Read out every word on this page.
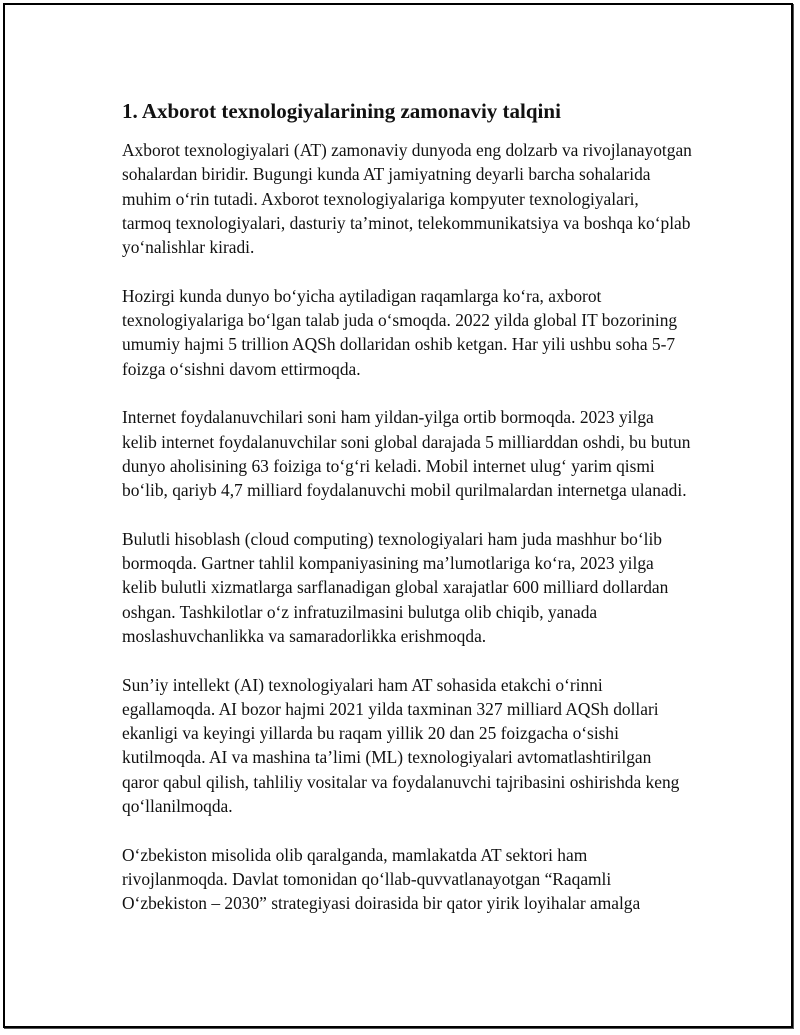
1. Axborot texnologiyalarining zamonaviy talqini

Axborot texnologiyalari (AT) zamonaviy dunyoda eng dolzarb va rivojlanayotgan sohalardan biridir. Bugungi kunda AT jamiyatning deyarli barcha sohalarida muhim o‘rin tutadi. Axborot texnologiyalariga kompyuter texnologiyalari, tarmoq texnologiyalari, dasturiy ta’minot, telekommunikatsiya va boshqa ko‘plab yo‘nalishlar kiradi.

Hozirgi kunda dunyo bo‘yicha aytiladigan raqamlarga ko‘ra, axborot texnologiyalariga bo‘lgan talab juda o‘smoqda. 2022 yilda global IT bozorining umumiy hajmi 5 trillion AQSh dollaridan oshib ketgan. Har yili ushbu soha 5-7 foizga o‘sishni davom ettirmoqda.

Internet foydalanuvchilari soni ham yildan-yilga ortib bormoqda. 2023 yilga kelib internet foydalanuvchilar soni global darajada 5 milliarddan oshdi, bu butun dunyo aholisining 63 foiziga to‘g‘ri keladi. Mobil internet ulug‘ yarim qismi bo‘lib, qariyb 4,7 milliard foydalanuvchi mobil qurilmalardan internetga ulanadi.

Bulutli hisoblash (cloud computing) texnologiyalari ham juda mashhur bo‘lib bormoqda. Gartner tahlil kompaniyasining ma’lumotlariga ko‘ra, 2023 yilga kelib bulutli xizmatlarga sarflanadigan global xarajatlar 600 milliard dollardan oshgan. Tashkilotlar o‘z infratuzilmasini bulutga olib chiqib, yanada moslashuvchanlikka va samaradorlikka erishmoqda.

Sun’iy intellekt (AI) texnologiyalari ham AT sohasida etakchi o‘rinni egallamoqda. AI bozor hajmi 2021 yilda taxminan 327 milliard AQSh dollari ekanligi va keyingi yillarda bu raqam yillik 20 dan 25 foizgacha o‘sishi kutilmoqda. AI va mashina ta’limi (ML) texnologiyalari avtomatlashtirilgan qaror qabul qilish, tahliliy vositalar va foydalanuvchi tajribasini oshirishda keng qo‘llanilmoqda.

O‘zbekiston misolida olib qaralganda, mamlakatda AT sektori ham rivojlanmoqda. Davlat tomonidan qo‘llab-quvvatlanayotgan “Raqamli O‘zbekiston – 2030” strategiyasi doirasida bir qator yirik loyihalar amalga
